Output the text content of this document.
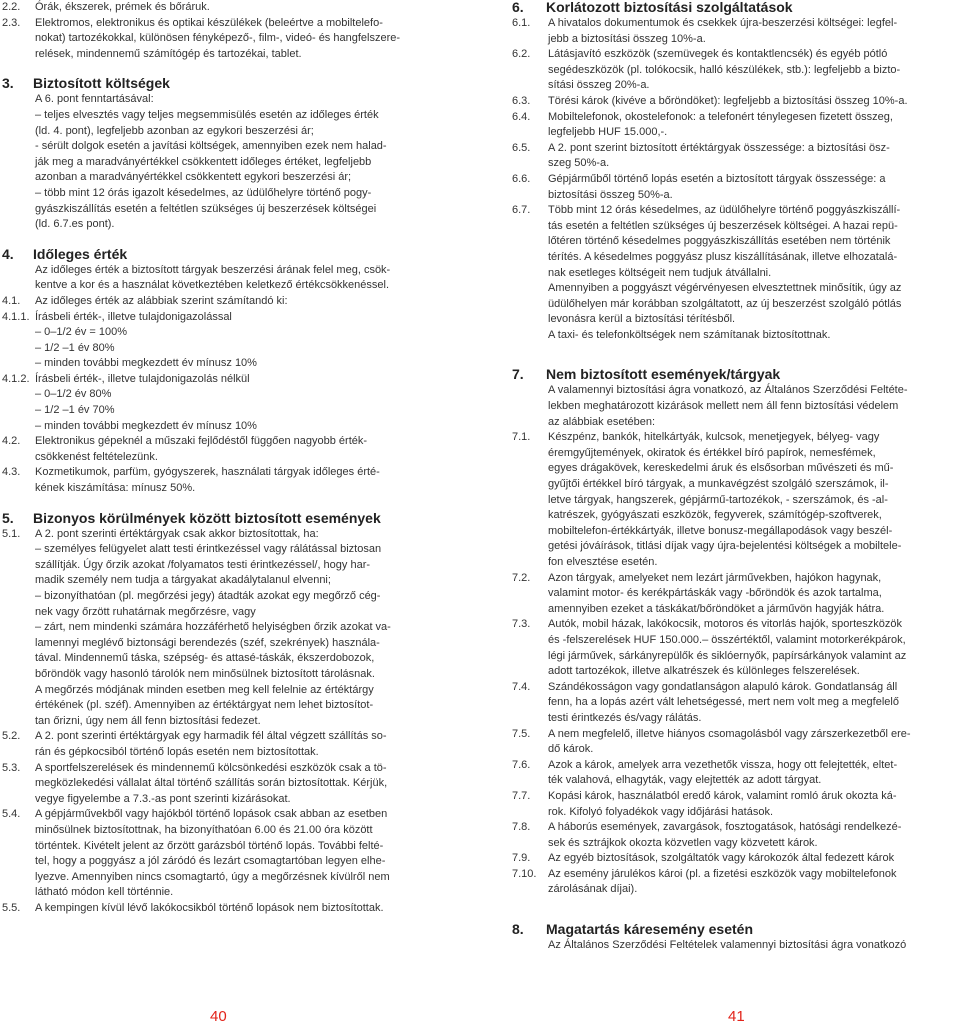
2.2.	Órák, ékszerek, prémek és bőráruk.
2.3.	Elektromos, elektronikus és optikai készülékek (beleértve a mobiltelefo-
nokat) tartozékokkal, különösen fényképező-, film-, videó- és hangfelszere-
relések, mindennemű számítógép és tartozékai, tablet.
3.	Biztosított költségek
A 6. pont fenntartásával:
– teljes elvesztés vagy teljes megsemmisülés esetén az időleges érték
(ld. 4. pont), legfeljebb azonban az egykori beszerzési ár;
- sérült dolgok esetén a javítási költségek, amennyiben ezek nem halad-
ják meg a maradványértékkel csökkentett időleges értéket, legfeljebb
azonban a maradványértékkel csökkentett egykori beszerzési ár;
– több mint 12 órás igazolt késedelmes, az üdülőhelyre történő pogy-
gyászkiszállítás esetén a feltétlen szükséges új beszerzések költségei
(ld. 6.7.es pont).
4.	Időleges érték
Az időleges érték a biztosított tárgyak beszerzési árának felel meg, csök-
kentve a kor és a használat következtében keletkező értékcsökkenéssel.
4.1.	Az időleges érték az alábbiak szerint számítandó ki:
4.1.1. Írásbeli érték-, illetve tulajdonigazolással
– 0–1/2 év = 100%
– 1/2 –1 év 80%
– minden további megkezdett év mínusz 10%
4.1.2. Írásbeli érték-, illetve tulajdonigazolás nélkül
– 0–1/2 év 80%
– 1/2 –1 év 70%
– minden további megkezdett év mínusz 10%
4.2.	Elektronikus gépeknél a műszaki fejlődéstől függően nagyobb érték-
csökkenést feltételezünk.
4.3.	Kozmetikumok, parfüm, gyógyszerek, használati tárgyak időleges érté-
kének kiszámítása: mínusz 50%.
5.	Bizonyos körülmények között biztosított események
5.1.	A 2. pont szerinti értéktárgyak csak akkor biztosítottak, ha:
– személyes felügyelet alatt testi érintkezéssel vagy rálátással biztosan
szállítják. Úgy őrzik azokat /folyamatos testi érintkezéssel/, hogy har-
madik személy nem tudja a tárgyakat akadálytalanul elvenni;
– bizonyíthatóan (pl. megőrzési jegy) átadták azokat egy megőrző cég-
nek vagy őrzött ruhatárnak megőrzésre, vagy
– zárt, nem mindenki számára hozzáférhető helyiségben őrzik azokat va-
lamennyi meglévő biztonsági berendezés (széf, szekrények) használa-
tával. Mindennemű táska, szépség- és attasé-táskák, ékszerdobozok,
bőröndök vagy hasonló tárolók nem minősülnek biztosított tárolásnak.
A megőrzés módjának minden esetben meg kell felelnie az értéktárgy
értékének (pl. széf). Amennyiben az értéktárgyat nem lehet biztosítot-
tan őrizni, úgy nem áll fenn biztosítási fedezet.
5.2.	A 2. pont szerinti értéktárgyak egy harmadik fél által végzett szállítás so-
rán és gépkocsiból történő lopás esetén nem biztosítottak.
5.3.	A sportfelszerelések és mindennemű kölcsönkedési eszközök csak a tö-
megközlekedési vállalat által történő szállítás során biztosítottak. Kérjük,
vegye figyelembe a 7.3.-as pont szerinti kizárásokat.
5.4.	A gépjárművekből vagy hajókból történő lopások csak abban az esetben
minősülnek biztosítottnak, ha bizonyíthatóan 6.00 és 21.00 óra között
történtek. Kivételt jelent az őrzött garázsból történő lopás. További felté-
tel, hogy a poggyász a jól záródó és lezárt csomagtartóban legyen elhe-
lyezve. Amennyiben nincs csomagtartó, úgy a megőrzésnek kívülről nem
látható módon kell történnie.
5.5.	A kempingen kívül lévő lakókocsikból történő lopások nem biztosítottak.
40
6.	Korlátozott biztosítási szolgáltatások
6.1.	A hivatalos dokumentumok és csekkek újra-beszerzési költségei: legfel-
jebb a biztosítási összeg 10%-a.
6.2.	Látásjavító eszközök (szemüvegek és kontaktlencsék) és egyéb pótló
segédeszközök (pl. tolókocsik, halló készülékek, stb.): legfeljebb a bizto-
sítási összeg 20%-a.
6.3.	Törési károk (kivéve a bőröndöket): legfeljebb a biztosítási összeg 10%-a.
6.4.	Mobiltelefonok, okostelefonok: a telefonért ténylegesen fizetett összeg,
legfeljebb HUF 15.000,-.
6.5.	A 2. pont szerint biztosított értéktárgyak összessége: a biztosítási ösz-
szeg 50%-a.
6.6.	Gépjárműből történő lopás esetén a biztosított tárgyak összessége: a
biztosítási összeg 50%-a.
6.7.	Több mint 12 órás késedelmes, az üdülőhelyre történő poggyászkiszállí-
tás esetén a feltétlen szükséges új beszerzések költségei. A hazai repü-
lőtéren történő késedelmes poggyászkiszállítás esetében nem történik
térítés. A késedelmes poggyász plusz kiszállításának, illetve elhozatalá-
nak esetleges költségeit nem tudjuk átvállalni.
Amennyiben a poggyászt végérvényesen elvesztettnek minősítik, úgy az
üdülőhelyen már korábban szolgáltatott, az új beszerzést szolgáló pótlás
levonásra kerül a biztosítási térítésből.
A taxi- és telefonköltségek nem számítanak biztosítottnak.
7.	Nem biztosított események/tárgyak
A valamennyi biztosítási ágra vonatkozó, az Általános Szerződési Feltéte-
lekben meghatározott kizárások mellett nem áll fenn biztosítási védelem
az alábbiak esetében:
7.1.	Készpénz, bankók, hitelkártyák, kulcsok, menetjegyek, bélyeg- vagy
éremgyűjtemények, okiratok és értékkel bíró papírok, nemesfémek,
egyes drágakövek, kereskedelmi áruk és elsősorban művészeti és mű-
gyűjtői értékkel bíró tárgyak, a munkavégzést szolgáló szerszámok, il-
letve tárgyak, hangszerek, gépjármű-tartozékok, - szerszámok, és -al-
katrészek, gyógyászati eszközök, fegyverek, számítógép-szoftverek,
mobiltelefon-értékkártyák, illetve bonusz-megállapodások vagy beszél-
getési jóváírások, titlási díjak vagy újra-bejelentési költségek a mobiltele-
fon elvesztése esetén.
7.2.	Azon tárgyak, amelyeket nem lezárt járművekben, hajókon hagynak,
valamint motor- és kerékpártáskák vagy -bőröndök és azok tartalma,
amennyiben ezeket a táskákat/bőröndöket a járművön hagyják hátra.
7.3.	Autók, mobil házak, lakókocsik, motoros és vitorlás hajók, sporteszközök
és -felszerelések HUF 150.000.– összértéktől, valamint motorkerékpárok,
légi járművek, sárkányrepülők és siklóernyők, papírsárkányok valamint az
adott tartozékok, illetve alkatrészek és különleges felszerelések.
7.4.	Szándékosságon vagy gondatlanságon alapuló károk. Gondatlanság áll
fenn, ha a lopás azért vált lehetségessé, mert nem volt meg a megfelelő
testi érintkezés és/vagy rálátás.
7.5.	A nem megfelelő, illetve hiányos csomagolásból vagy zárszerkezetből ere-
dő károk.
7.6.	Azok a károk, amelyek arra vezethetők vissza, hogy ott felejtették, eltet-
ték valahová, elhagyták, vagy elejtették az adott tárgyat.
7.7.	Kopási károk, használatból eredő károk, valamint romló áruk okozta ká-
rok. Kifolyó folyadékok vagy időjárási hatások.
7.8.	A háborús események, zavargások, fosztogatások, hatósági rendelkezé-
sek és sztrájkok okozta közvetlen vagy közvetett károk.
7.9.	Az egyéb biztosítások, szolgáltatók vagy károkozók által fedezett károk
7.10.	Az esemény járulékos károi (pl. a fizetési eszközök vagy mobiltelefonok
zárolásának díjai).
8.	Magatartás káresemény esetén
Az Általános Szerződési Feltételek valamennyi biztosítási ágra vonatkozó
41
